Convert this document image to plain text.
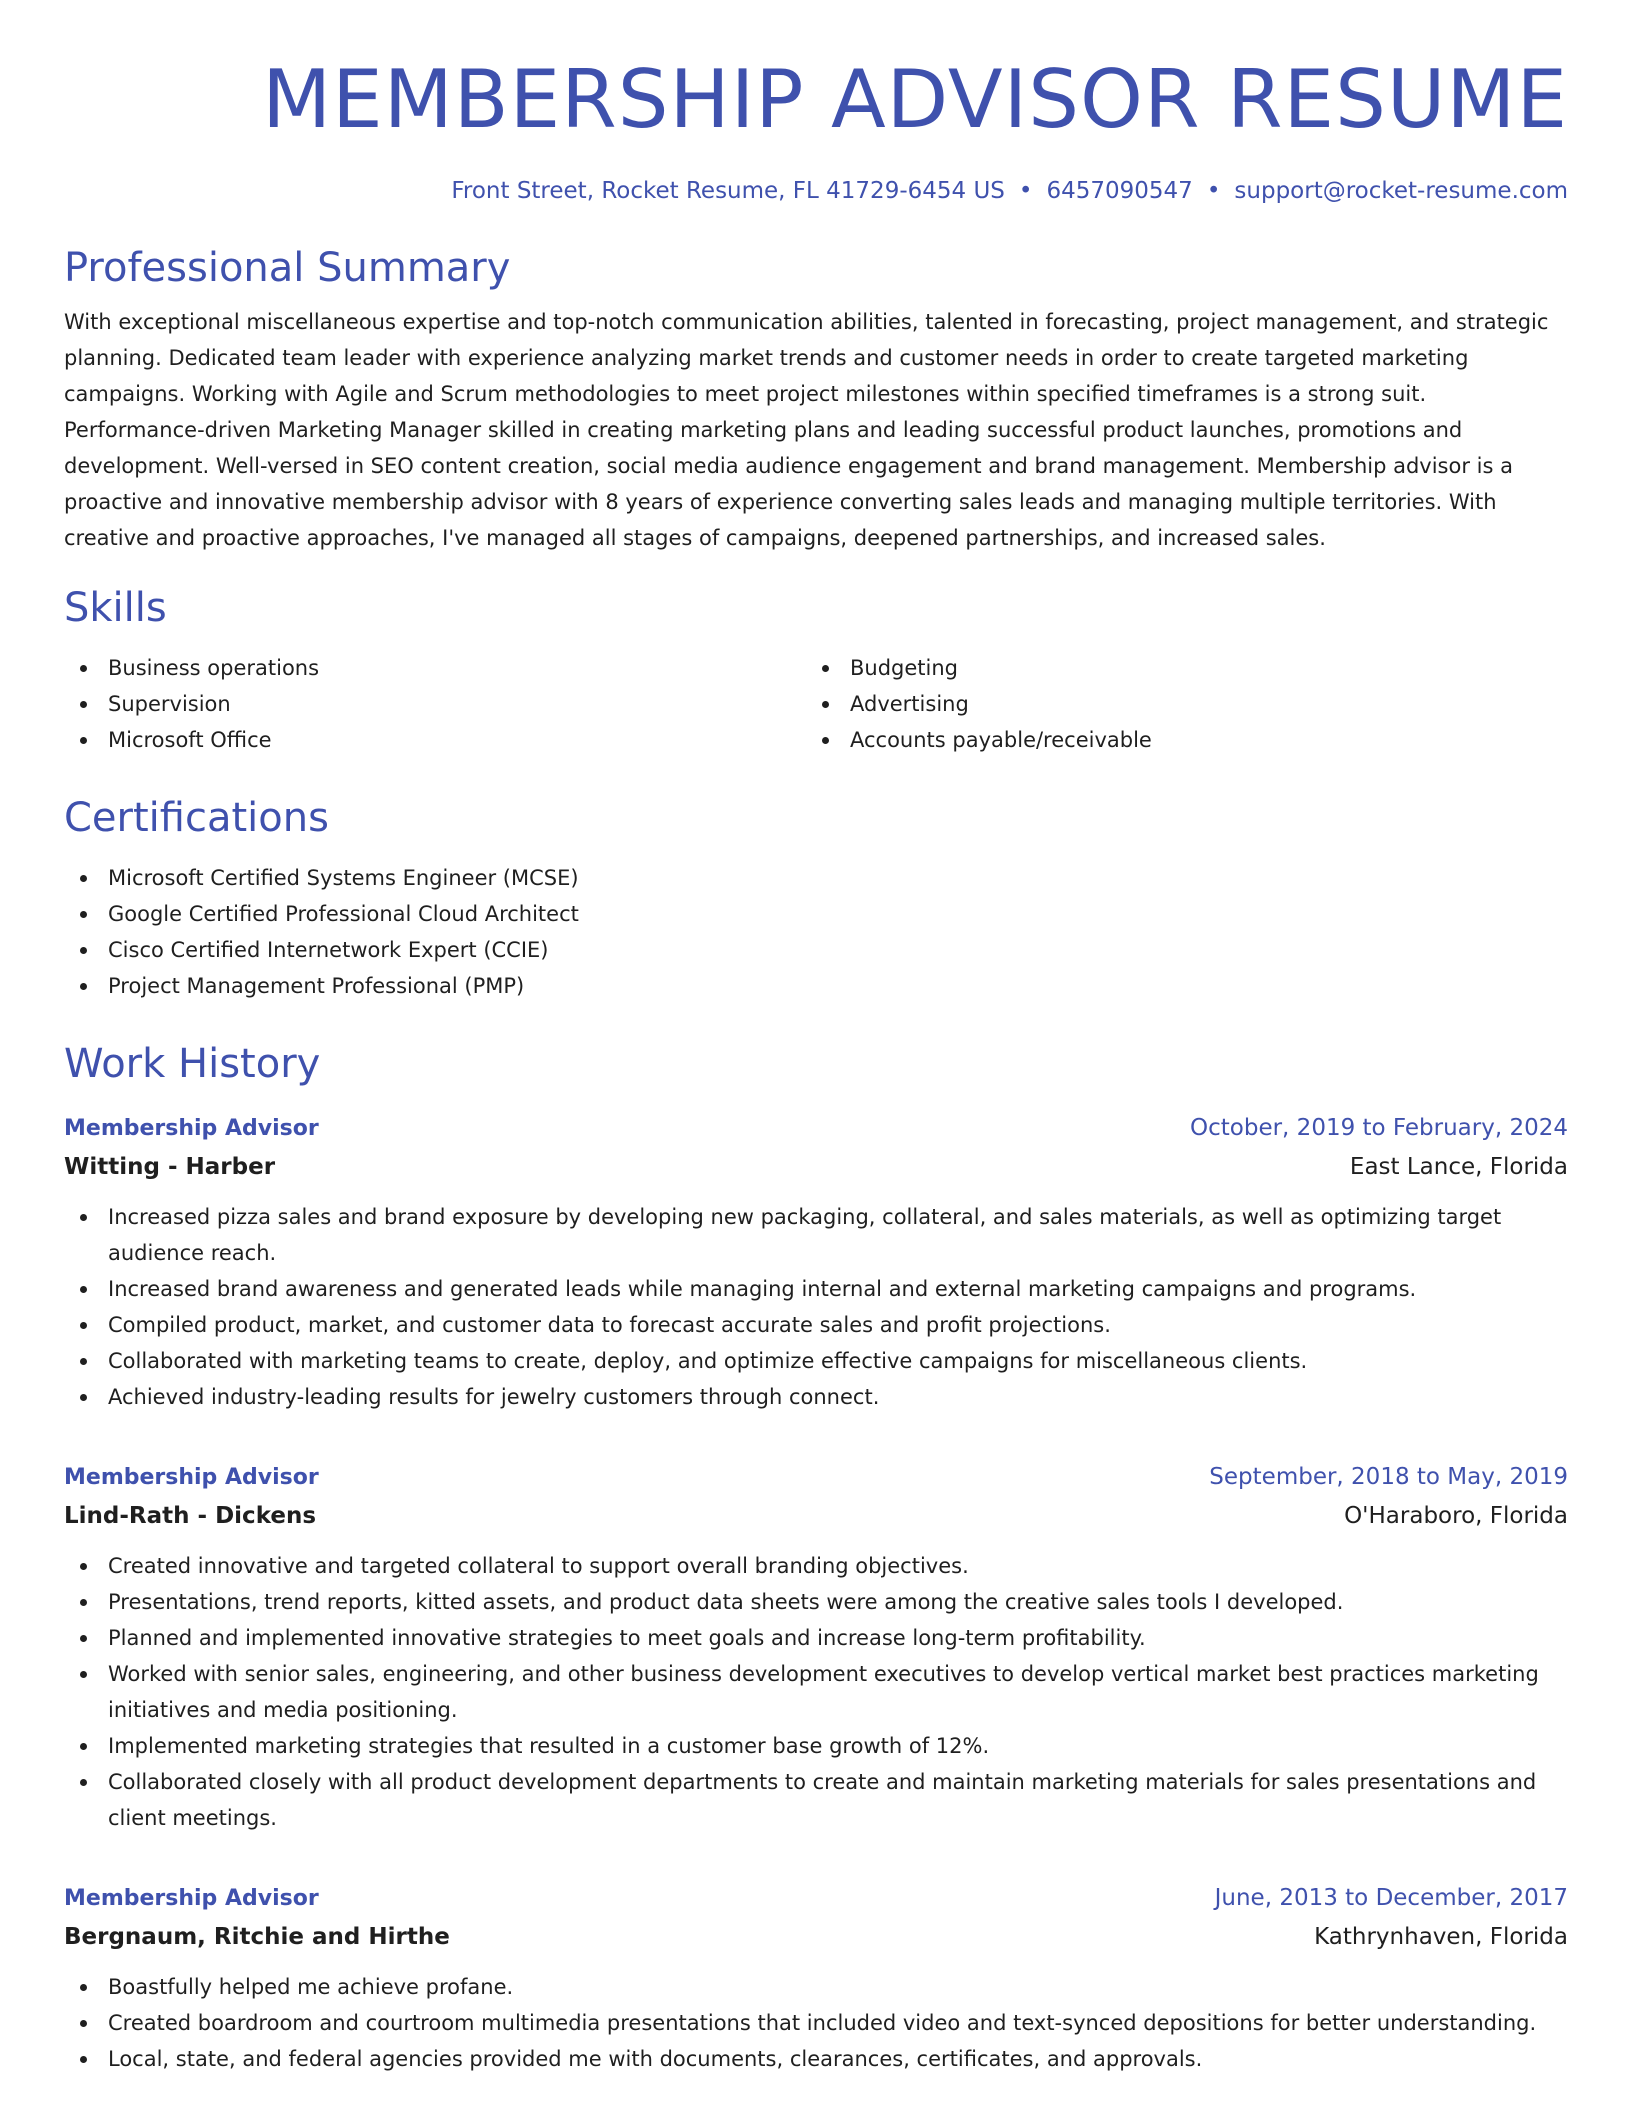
MEMBERSHIP ADVISOR RESUME
Front Street, Rocket Resume, FL 41729-6454 US • 6457090547 • support@rocket-resume.com
Professional Summary

With exceptional miscellaneous expertise and top-notch communication abilities, talented in forecasting, project management, and strategic planning. Dedicated team leader with experience analyzing market trends and customer needs in order to create targeted marketing campaigns. Working with Agile and Scrum methodologies to meet project milestones within specified timeframes is a strong suit. Performance-driven Marketing Manager skilled in creating marketing plans and leading successful product launches, promotions and development. Well-versed in SEO content creation, social media audience engagement and brand management. Membership advisor is a proactive and innovative membership advisor with 8 years of experience converting sales leads and managing multiple territories. With creative and proactive approaches, I've managed all stages of campaigns, deepened partnerships, and increased sales.

Skills
Business operations
Supervision
Microsoft Office
Budgeting
Advertising
Accounts payable/receivable
Certifications
Microsoft Certified Systems Engineer (MCSE)
Google Certified Professional Cloud Architect
Cisco Certified Internetwork Expert (CCIE)
Project Management Professional (PMP)
Work History
Membership Advisor	October, 2019 to February, 2024
Witting - Harber	East Lance, Florida
Increased pizza sales and brand exposure by developing new packaging, collateral, and sales materials, as well as optimizing target audience reach.
Increased brand awareness and generated leads while managing internal and external marketing campaigns and programs.
Compiled product, market, and customer data to forecast accurate sales and profit projections.
Collaborated with marketing teams to create, deploy, and optimize effective campaigns for miscellaneous clients.
Achieved industry-leading results for jewelry customers through connect.
Membership Advisor	September, 2018 to May, 2019
Lind-Rath - Dickens	O'Haraboro, Florida
Created innovative and targeted collateral to support overall branding objectives.
Presentations, trend reports, kitted assets, and product data sheets were among the creative sales tools I developed.
Planned and implemented innovative strategies to meet goals and increase long-term profitability.
Worked with senior sales, engineering, and other business development executives to develop vertical market best practices marketing initiatives and media positioning.
Implemented marketing strategies that resulted in a customer base growth of 12%.
Collaborated closely with all product development departments to create and maintain marketing materials for sales presentations and client meetings.
Membership Advisor	June, 2013 to December, 2017
Bergnaum, Ritchie and Hirthe	Kathrynhaven, Florida
Boastfully helped me achieve profane.
Created boardroom and courtroom multimedia presentations that included video and text-synced depositions for better understanding.
Local, state, and federal agencies provided me with documents, clearances, certificates, and approvals.
